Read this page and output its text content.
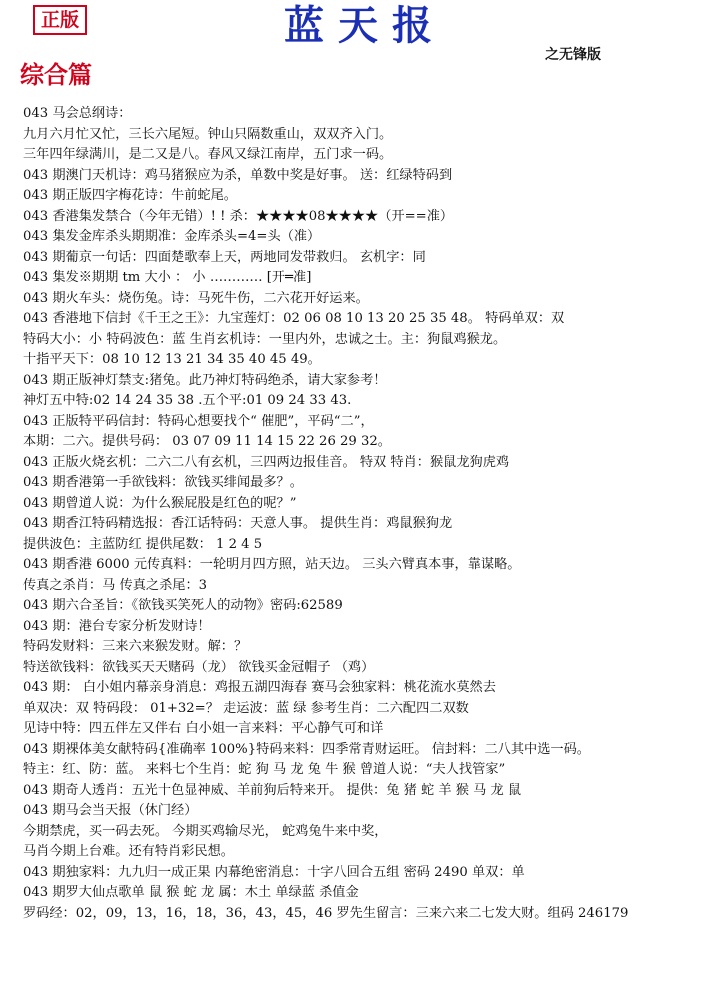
正版	蓝天报
之无锋版
综合篇
043 马会总纲诗：
九月六月忙又忙，三长六尾短。钟山只隔数重山，双双齐入门。
三年四年绿满川，是二又是八。春风又绿江南岸，五门求一码。
043 期澳门天机诗：鸡马猪猴应为杀，单数中奖是好事。 送：红绿特码到
043 期正版四字梅花诗：牛前蛇尾。
043 香港集发禁合（今年无错）! ! 杀：★★★★08★★★★（开==准）
043 集发金库杀头期期准：金库杀头=4=头（准）
043 期葡京一句话：四面楚歌奉上天，两地同发带救归。 玄机字：同
043 集发※期期 tm 大小 ： 小 ………… [开═准]
043 期火车头：烧伤兔。诗：马死牛伤，二六花开好运来。
043 香港地下信封《千王之王》：九宝莲灯：02 06 08 10 13 20 25 35 48。 特码单双：双
特码大小：小 特码波色：蓝 生肖玄机诗：一里内外，忠诚之士。主：狗鼠鸡猴龙。
十指平天下：08 10 12 13 21 34 35 40 45 49。
043 期正版神灯禁支:猪兔。此乃神灯特码绝杀，请大家参考！
神灯五中特:02 14 24 35 38 .五个平:01 09 24 33 43.
043 正版特平码信封：特码心想要找个“ 催肥”，平码“二”，
本期：二六。提供号码： 03 07 09 11 14 15 22 26 29 32。
043 正版火烧玄机：二六二八有玄机，三四两边报佳音。 特双 特肖：猴鼠龙狗虎鸡
043 期香港第一手欲钱料：欲钱买绯闻最多？。
043 期曾道人说：为什么猴屁股是红色的呢？”
043 期香江特码精选报：香江话特码：天意人事。 提供生肖：鸡鼠猴狗龙
提供波色：主蓝防红 提供尾数： 1 2 4 5
043 期香港 6000 元传真料：一轮明月四方照，站天边。 三头六臂真本事，靠谋略。
传真之杀肖：马 传真之杀尾：3
043 期六合圣旨：《欲钱买笑死人的动物》密码:62589
043 期：港台专家分析发财诗！
特码发财料：三来六来猴发财。解：？
特送欲钱料：欲钱买天天赌码（龙） 欲钱买金冠帽子 （鸡）
043 期： 白小姐内幕亲身消息：鸡报五湖四海春 赛马会独家料：桃花流水莫然去
单双决：双 特码段： 01+32=？ 走运波：蓝 绿 参考生肖：二六配四二双数
见诗中特：四五伴左又伴右 白小姐一言来料：平心静气可和详
043 期裸体美女献特码{准确率 100%}特码来料：四季常青财运旺。 信封料：二八其中选一码。
特主：红、防：蓝。 来料七个生肖：蛇 狗 马 龙 兔 牛 猴 曾道人说：“夫人找管家”
043 期奇人透肖：五光十色显神威、羊前狗后特来开。 提供：兔 猪 蛇 羊 猴 马 龙 鼠
043 期马会当天报（休门经）
今期禁虎，买一码去死。 今期买鸡输尽光， 蛇鸡兔牛来中奖，
马肖今期上台难。还有特肖彩民想。
043 期独家料：九九归一成正果 内幕绝密消息：十字八回合五组 密码 2490 单双：单
043 期罗大仙点歌单 鼠 猴 蛇 龙 属：木土 单绿蓝 杀值金
罗码经：02，09，13，16，18，36，43，45，46 罗先生留言：三来六来二七发大财。组码 246179
